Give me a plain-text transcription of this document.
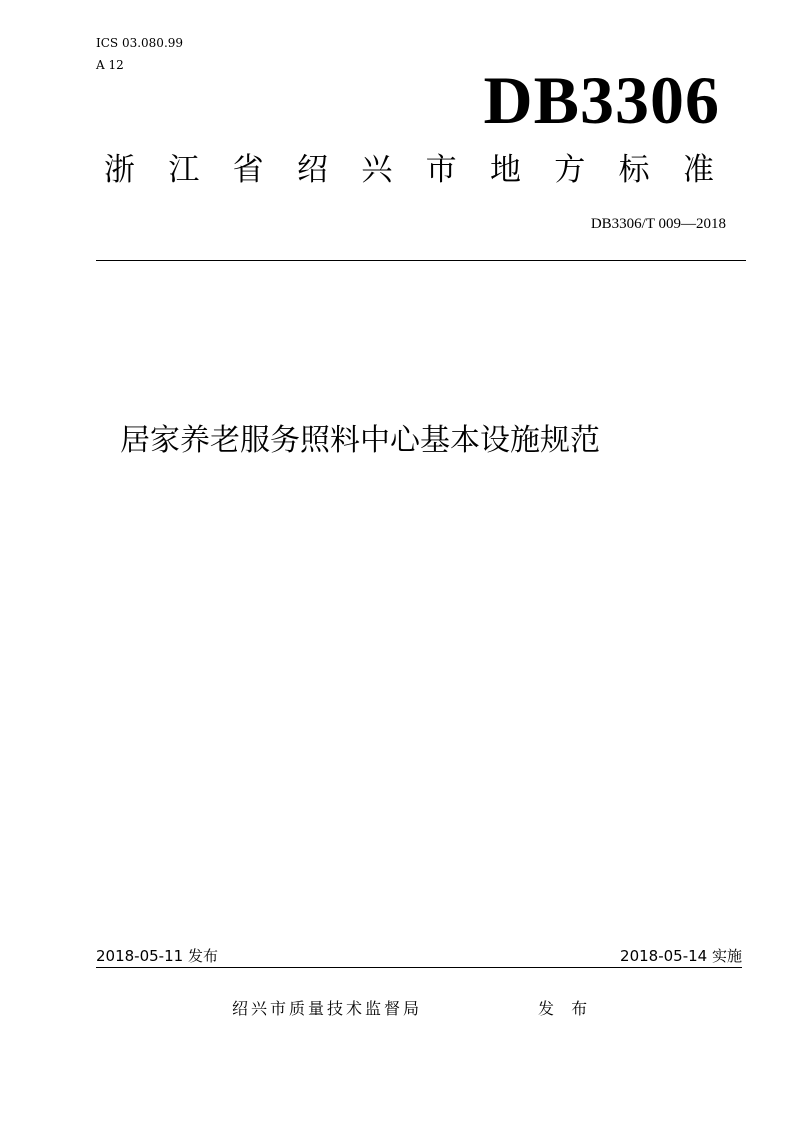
ICS 03.080.99
A 12	DB3306
浙 江 省 绍 兴 市 地 方 标 准
DB3306/T 009—2018
居家养老服务照料中心基本设施规范
2018-05-11 发布	2018-05-14 实施
绍兴市质量技术监督局	发 布
